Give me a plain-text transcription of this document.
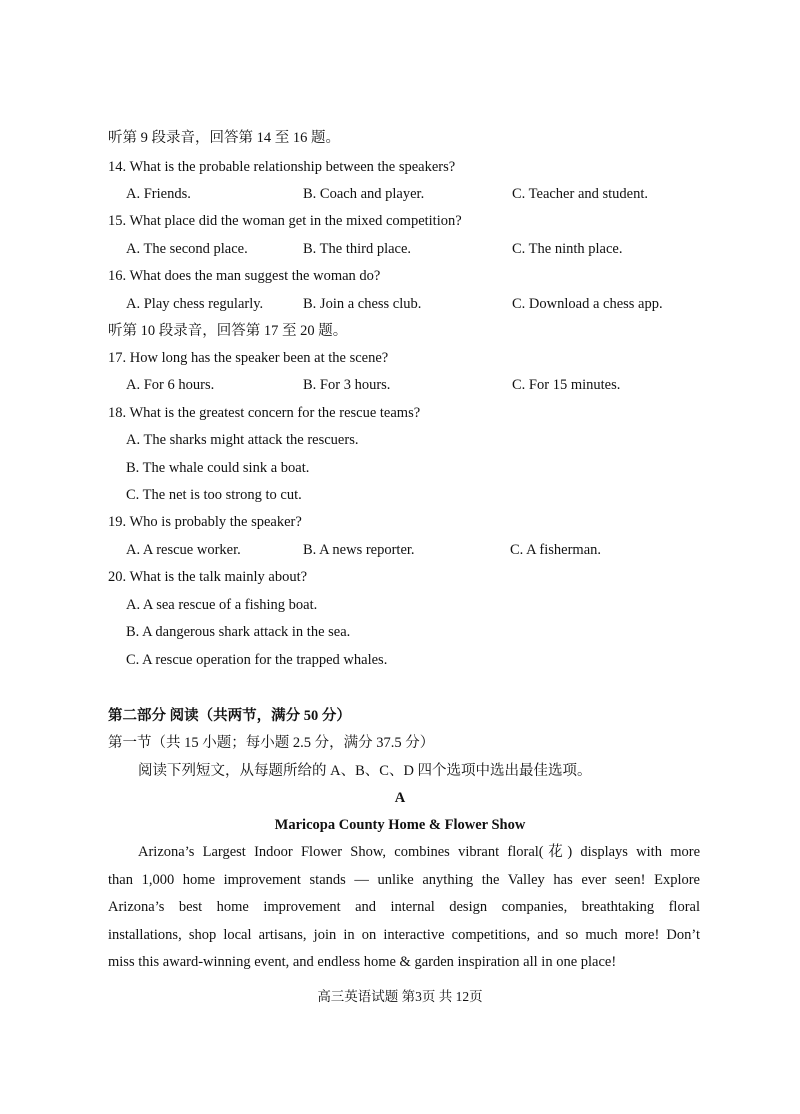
听第 9 段录音，回答第 14 至 16 题。
14. What is the probable relationship between the speakers?
A. Friends.	B. Coach and player.	C. Teacher and student.
15. What place did the woman get in the mixed competition?
A. The second place.	B. The third place.	C. The ninth place.
16. What does the man suggest the woman do?
A. Play chess regularly.	B. Join a chess club.	C. Download a chess app.
听第 10 段录音，回答第 17 至 20 题。
17. How long has the speaker been at the scene?
A. For 6 hours.	B. For 3 hours.	C. For 15 minutes.
18. What is the greatest concern for the rescue teams?
A. The sharks might attack the rescuers.
B. The whale could sink a boat.
C. The net is too strong to cut.
19. Who is probably the speaker?
A. A rescue worker.	B. A news reporter.	C. A fisherman.
20. What is the talk mainly about?
A. A sea rescue of a fishing boat.
B. A dangerous shark attack in the sea.
C. A rescue operation for the trapped whales.
第二部分 阅读（共两节，满分 50 分）
第一节（共 15 小题；每小题 2.5 分，满分 37.5 分）
阅读下列短文，从每题所给的 A、B、C、D 四个选项中选出最佳选项。
A
Maricopa County Home & Flower Show
Arizona’s Largest Indoor Flower Show, combines vibrant floral(花) displays with more
than 1,000 home improvement stands — unlike anything the Valley has ever seen! Explore
Arizona’s best home improvement and internal design companies, breathtaking floral
installations, shop local artisans, join in on interactive competitions, and so much more! Don’t
miss this award-winning event, and endless home & garden inspiration all in one place!
高三英语试题 第3页 共 12页
